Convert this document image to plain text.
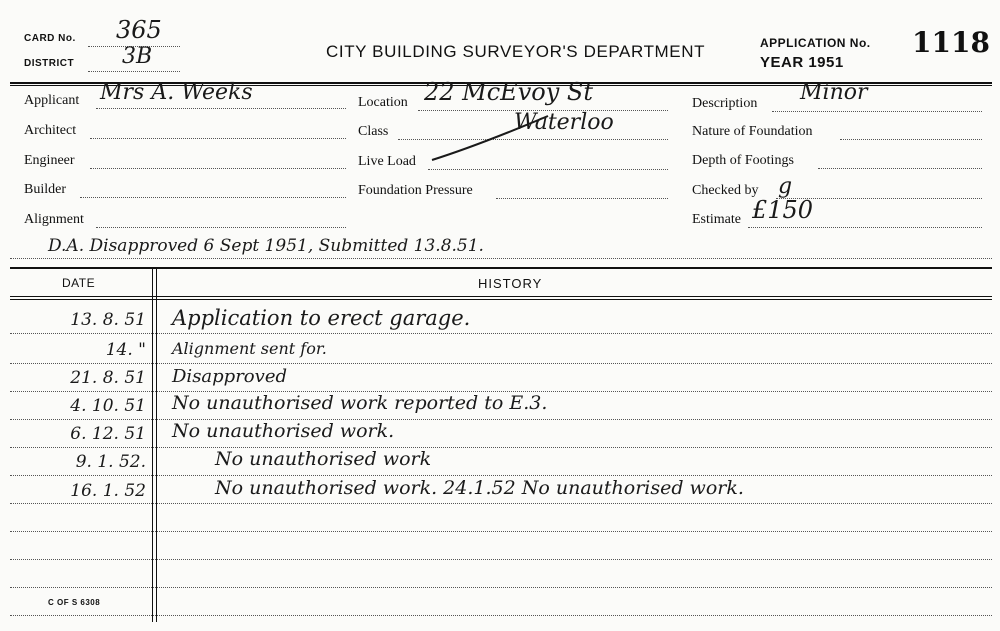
CARD No. 365
DISTRICT 3B	CITY BUILDING SURVEYOR'S DEPARTMENT	APPLICATION No. 1118
YEAR 1951
Applicant Mrs A. Weeks
Architect
Engineer
Builder
Alignment
Location 22 McEvoy St
Class	Waterloo
Live Load
Foundation Pressure
Description Minor
Nature of Foundation
Depth of Footings
Checked by g
Estimate £150
D.A. Disapproved 6 Sept 1951, Submitted 13.8.51.
DATE	HISTORY
13. 8. 51 Application to erect garage.
14. " Alignment sent for.
21. 8. 51 Disapproved
4. 10. 51 No unauthorised work reported to E.3.
6. 12. 51 No unauthorised work.
9. 1. 52.	No unauthorised work
16. 1. 52	No unauthorised work. 24.1.52 No unauthorised work.
C OF S 6308
